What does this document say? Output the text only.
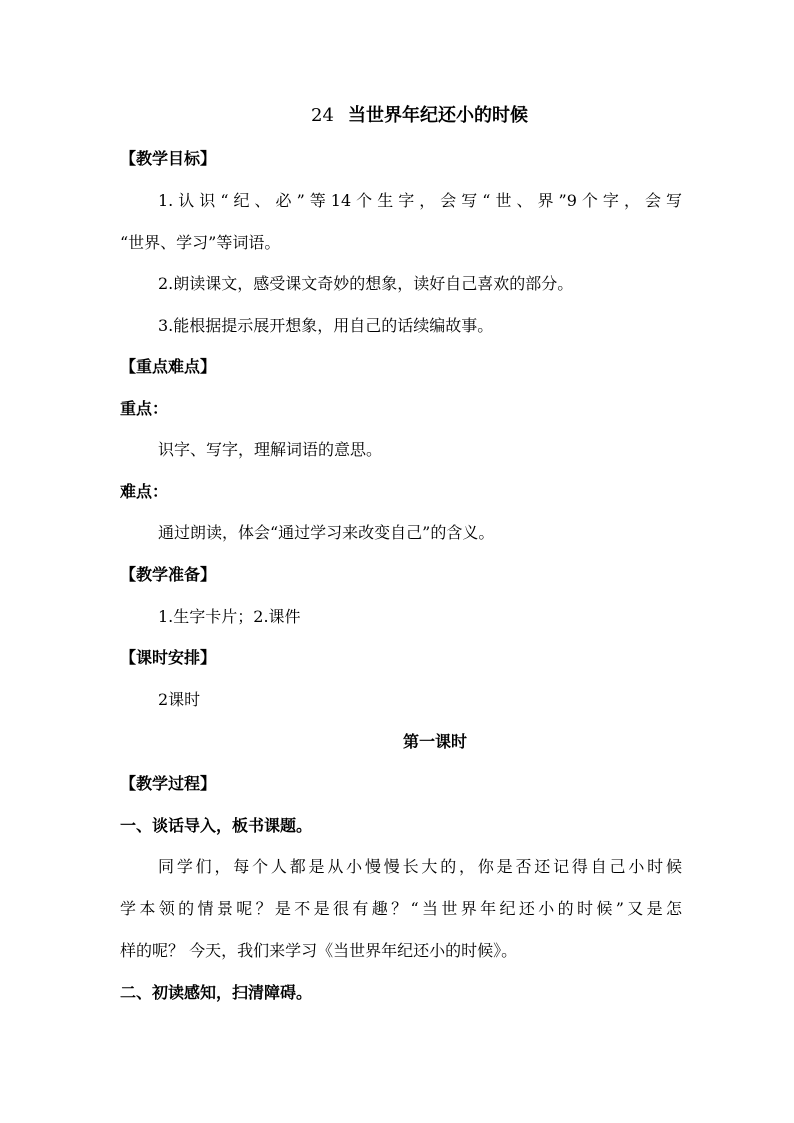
24 当世界年纪还小的时候
【教学目标】
1.认识“纪、必”等14个生字，会写“世、界”9个字，会写
“世界、学习”等词语。
2.朗读课文，感受课文奇妙的想象，读好自己喜欢的部分。
3.能根据提示展开想象，用自己的话续编故事。
【重点难点】
重点：
识字、写字，理解词语的意思。
难点：
通过朗读，体会“通过学习来改变自己”的含义。
【教学准备】
1.生字卡片；2.课件
【课时安排】
2课时
第一课时
【教学过程】
一、谈话导入，板书课题。
同学们，每个人都是从小慢慢长大的，你是否还记得自己小时候
学本领的情景呢？是不是很有趣？“当世界年纪还小的时候”又是怎
样的呢？ 今天，我们来学习《当世界年纪还小的时候》。
二、初读感知，扫清障碍。
